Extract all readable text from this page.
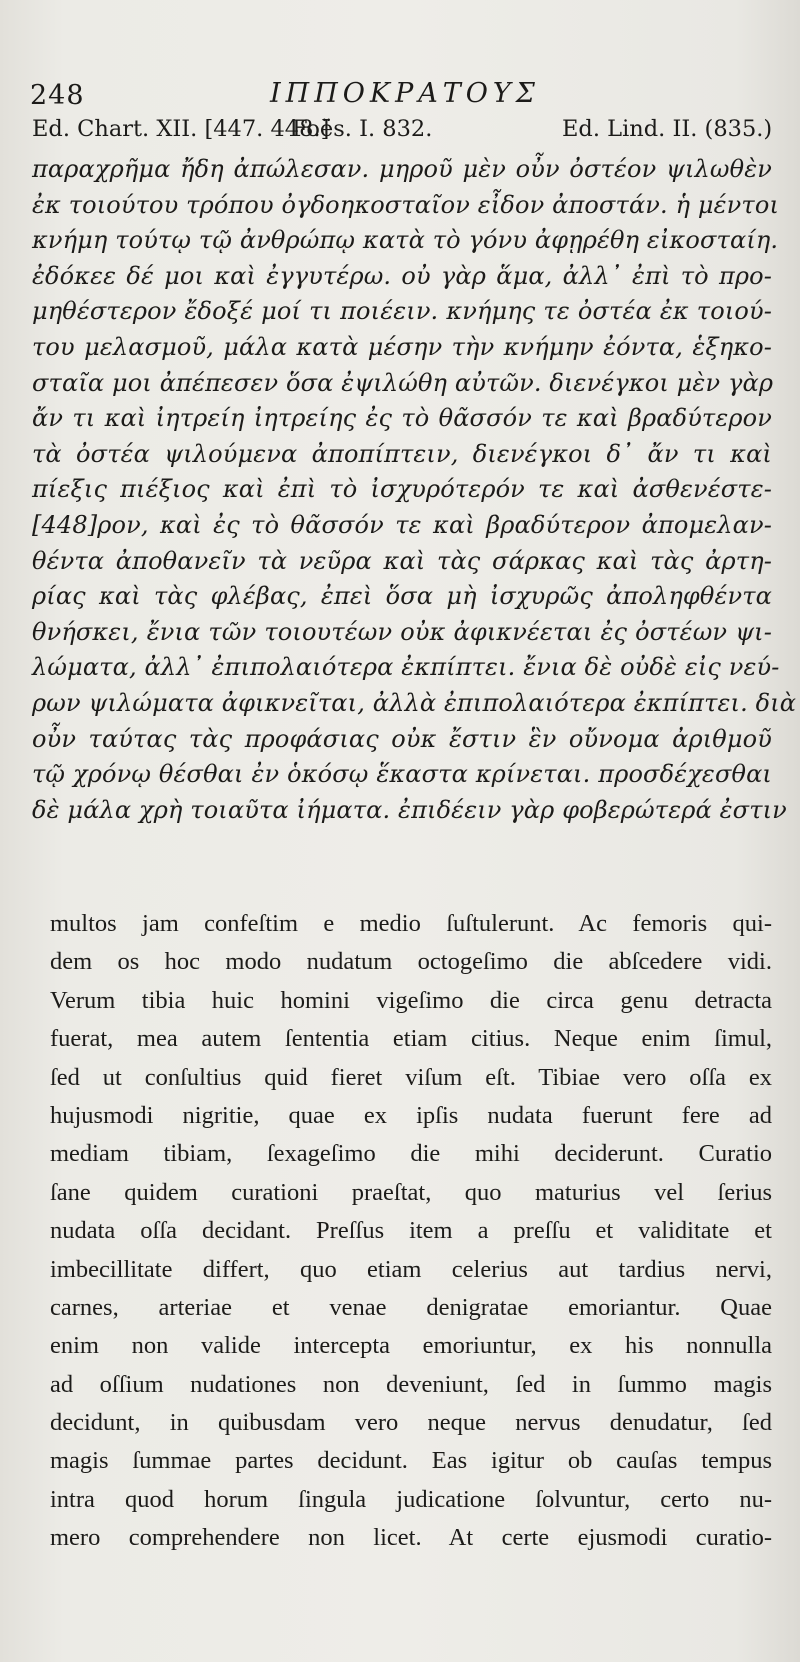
248	ΙΠΠΟΚΡΑΤΟΥΣ
Ed. Chart. XII. [447. 448.]Foës. I. 832.	Ed. Lind. II. (835.)
παραχρῆμα ἤδη ἀπώλεσαν. μηροῦ μὲν οὖν ὀστέον ψιλωθὲν
ἐκ τοιούτου τρόπου ὀγδοηκοσταῖον εἶδον ἀποστάν. ἡ μέντοι
κνήμη τούτῳ τῷ ἀνθρώπῳ κατὰ τὸ γόνυ ἀφῃρέθη εἰκοσταίη.
ἐδόκεε δέ μοι καὶ ἐγγυτέρω. οὐ γὰρ ἅμα, ἀλλ᾽ ἐπὶ τὸ προ-
μηθέστερον ἔδοξέ μοί τι ποιέειν. κνήμης τε ὀστέα ἐκ τοιού-
του μελασμοῦ, μάλα κατὰ μέσην τὴν κνήμην ἐόντα, ἑξηκο-
σταῖα μοι ἀπέπεσεν ὅσα ἐψιλώθη αὐτῶν. διενέγκοι μὲν γὰρ
ἄν τι καὶ ἰητρείη ἰητρείης ἐς τὸ θᾶσσόν τε καὶ βραδύτερον
τὰ ὀστέα ψιλούμενα ἀποπίπτειν, διενέγκοι δ᾽ ἄν τι καὶ
πίεξις πιέξιος καὶ ἐπὶ τὸ ἰσχυρότερόν τε καὶ ἀσθενέστε-
[448]ρον, καὶ ἐς τὸ θᾶσσόν τε καὶ βραδύτερον ἀπομελαν-
θέντα ἀποθανεῖν τὰ νεῦρα καὶ τὰς σάρκας καὶ τὰς ἀρτη-
ρίας καὶ τὰς φλέβας, ἐπεὶ ὅσα μὴ ἰσχυρῶς ἀποληφθέντα
θνήσκει, ἔνια τῶν τοιουτέων οὐκ ἀφικνέεται ἐς ὀστέων ψι-
λώματα, ἀλλ᾽ ἐπιπολαιότερα ἐκπίπτει. ἔνια δὲ οὐδὲ εἰς νεύ-
ρων ψιλώματα ἀφικνεῖται, ἀλλὰ ἐπιπολαιότερα ἐκπίπτει. διὰ
οὖν ταύτας τὰς προφάσιας οὐκ ἔστιν ἓν οὔνομα ἀριθμοῦ
τῷ χρόνῳ θέσθαι ἐν ὁκόσῳ ἕκαστα κρίνεται. προσδέχεσθαι
δὲ μάλα χρὴ τοιαῦτα ἰήματα. ἐπιδέειν γὰρ φοβερώτερά ἐστιν
multos jam confeſtim e medio ſuſtulerunt. Ac femoris qui-
dem os hoc modo nudatum octogeſimo die abſcedere vidi.
Verum tibia huic homini vigeſimo die circa genu detracta
fuerat, mea autem ſententia etiam citius. Neque enim ſimul,
ſed ut conſultius quid fieret viſum eſt. Tibiae vero oſſa ex
hujusmodi nigritie, quae ex ipſis nudata fuerunt fere ad
mediam tibiam, ſexageſimo die mihi deciderunt. Curatio
ſane quidem curationi praeſtat, quo maturius vel ſerius
nudata oſſa decidant. Preſſus item a preſſu et validitate et
imbecillitate differt, quo etiam celerius aut tardius nervi,
carnes, arteriae et venae denigratae emoriantur. Quae
enim non valide intercepta emoriuntur, ex his nonnulla
ad oſſium nudationes non deveniunt, ſed in ſummo magis
decidunt, in quibusdam vero neque nervus denudatur, ſed
magis ſummae partes decidunt. Eas igitur ob cauſas tempus
intra quod horum ſingula judicatione ſolvuntur, certo nu-
mero comprehendere non licet. At certe ejusmodi curatio-
